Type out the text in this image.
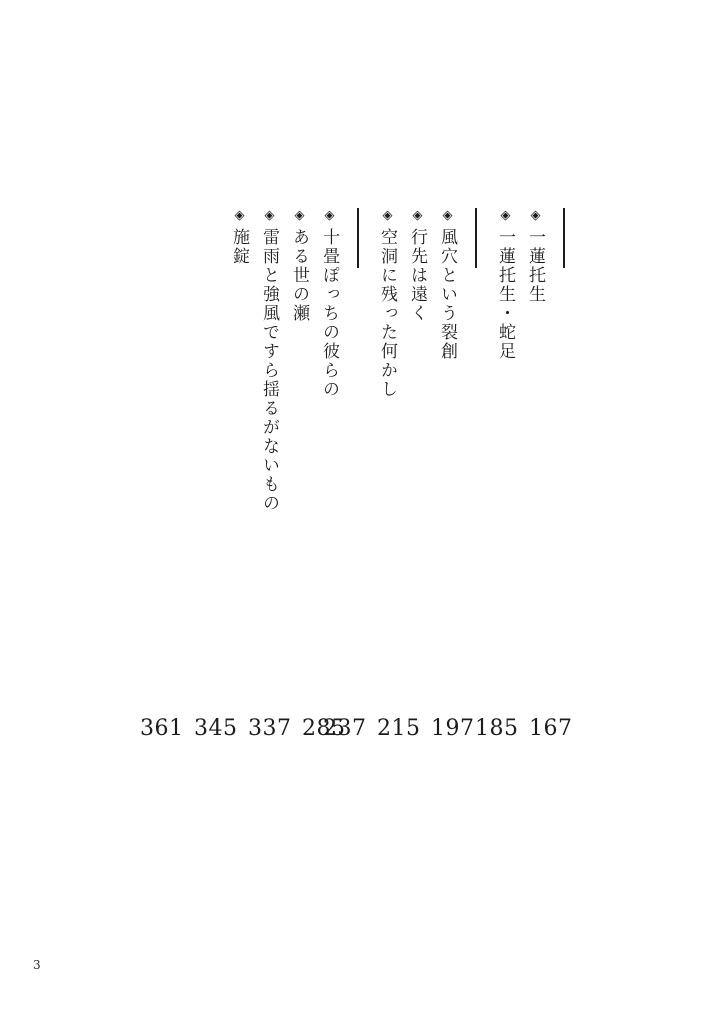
◈一蓮托生
◈一蓮托生・蛇足
◈風穴という裂創
◈行先は遠く
◈空洞に残った何かし
◈十畳ぽっちの彼らの
◈ある世の瀬
◈雷雨と強風ですら揺るがないもの
◈施錠
361 345 337 285
237 215 197 185 167
3
